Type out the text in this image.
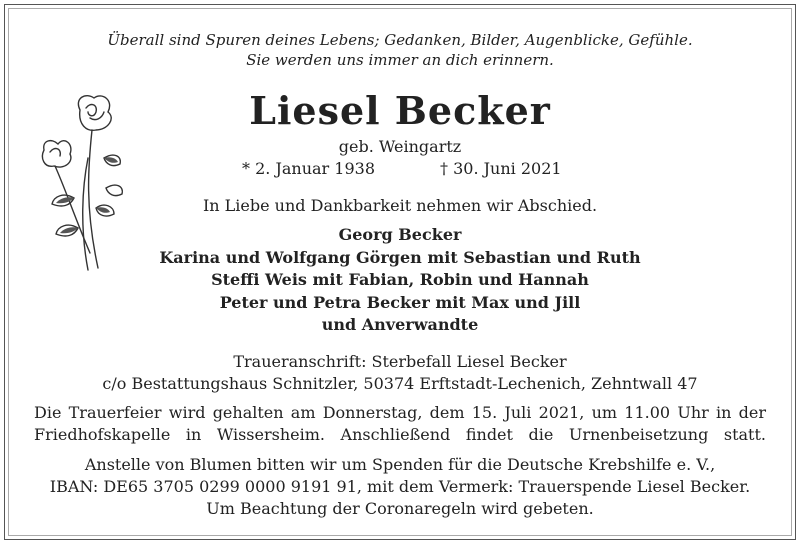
Überall sind Spuren deines Lebens; Gedanken, Bilder, Augenblicke, Gefühle.
Sie werden uns immer an dich erinnern.
Liesel Becker
geb. Weingartz
* 2. Januar 1938	† 30. Juni 2021
In Liebe und Dankbarkeit nehmen wir Abschied.
Georg Becker
Karina und Wolfgang Görgen mit Sebastian und Ruth
Steffi Weis mit Fabian, Robin und Hannah
Peter und Petra Becker mit Max und Jill
und Anverwandte
Traueranschrift: Sterbefall Liesel Becker
c/o Bestattungshaus Schnitzler, 50374 Erftstadt-Lechenich, Zehntwall 47
Die Trauerfeier wird gehalten am Donnerstag, dem 15. Juli 2021, um 11.00 Uhr in der
Friedhofskapelle in Wissersheim. Anschließend findet die Urnenbeisetzung statt.
Anstelle von Blumen bitten wir um Spenden für die Deutsche Krebshilfe e. V.,
IBAN: DE65 3705 0299 0000 9191 91, mit dem Vermerk: Trauerspende Liesel Becker.
Um Beachtung der Coronaregeln wird gebeten.
